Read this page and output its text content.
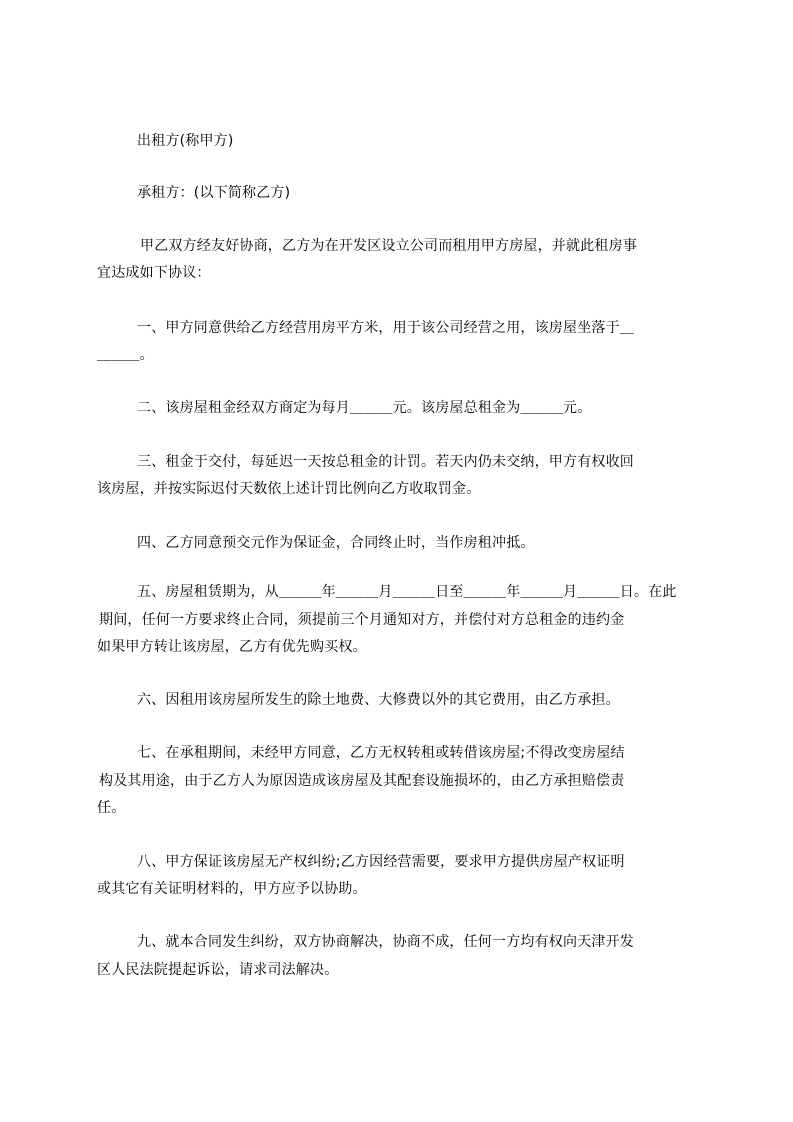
出租方(称甲方)
承租方：(以下简称乙方)
甲乙双方经友好协商，乙方为在开发区设立公司而租用甲方房屋，并就此租房事
宜达成如下协议：
一、甲方同意供给乙方经营用房平方米，用于该公司经营之用，该房屋坐落于＿
＿＿＿。
二、该房屋租金经双方商定为每月＿＿＿元。该房屋总租金为＿＿＿元。
三、租金于交付，每延迟一天按总租金的计罚。若天内仍未交纳，甲方有权收回
该房屋，并按实际迟付天数依上述计罚比例向乙方收取罚金。
四、乙方同意预交元作为保证金，合同终止时，当作房租冲抵。
五、房屋租赁期为，从＿＿＿年＿＿＿月＿＿＿日至＿＿＿年＿＿＿月＿＿＿日。在此
期间，任何一方要求终止合同，须提前三个月通知对方，并偿付对方总租金的违约金
如果甲方转让该房屋，乙方有优先购买权。
六、因租用该房屋所发生的除土地费、大修费以外的其它费用，由乙方承担。
七、在承租期间，未经甲方同意，乙方无权转租或转借该房屋;不得改变房屋结
构及其用途，由于乙方人为原因造成该房屋及其配套设施损坏的，由乙方承担赔偿责
任。
八、甲方保证该房屋无产权纠纷;乙方因经营需要，要求甲方提供房屋产权证明
或其它有关证明材料的，甲方应予以协助。
九、就本合同发生纠纷，双方协商解决，协商不成，任何一方均有权向天津开发
区人民法院提起诉讼，请求司法解决。
